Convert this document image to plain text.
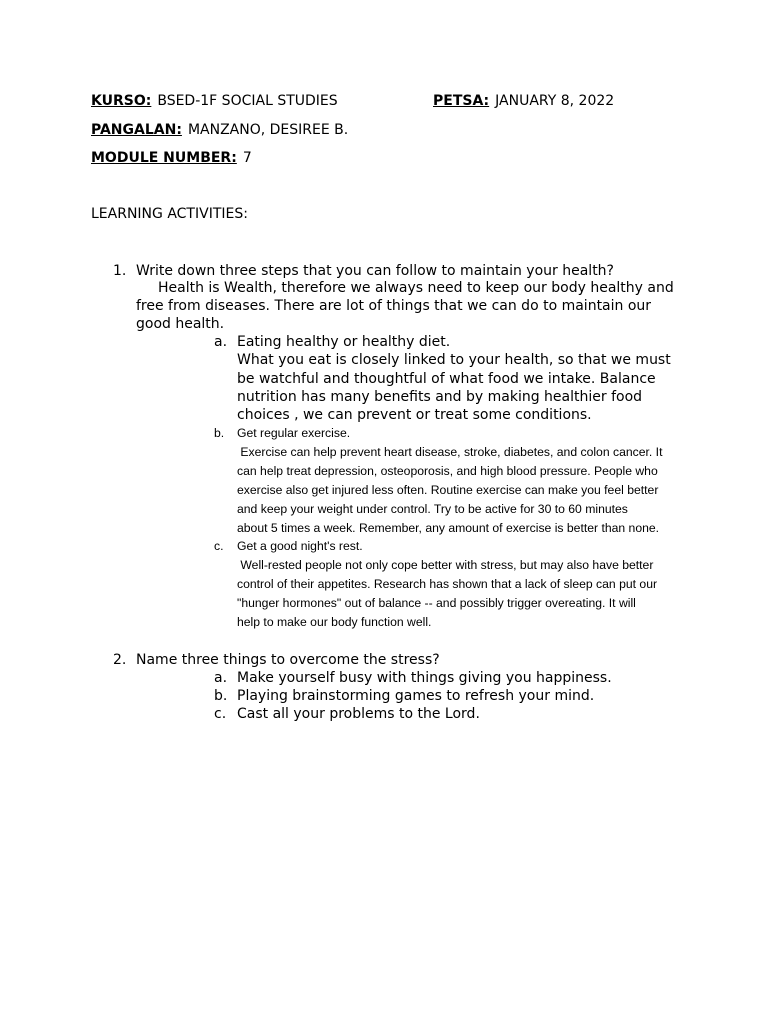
KURSO: BSED-1F SOCIAL STUDIES	PETSA: JANUARY 8, 2022
PANGALAN: MANZANO, DESIREE B.
MODULE NUMBER: 7
LEARNING ACTIVITIES:
1. Write down three steps that you can follow to maintain your health?
Health is Wealth, therefore we always need to keep our body healthy and
free from diseases. There are lot of things that we can do to maintain our
good health.
a. Eating healthy or healthy diet.
What you eat is closely linked to your health, so that we must
be watchful and thoughtful of what food we intake. Balance
nutrition has many benefits and by making healthier food
choices , we can prevent or treat some conditions.
b. Get regular exercise.
Exercise can help prevent heart disease, stroke, diabetes, and colon cancer. It
can help treat depression, osteoporosis, and high blood pressure. People who
exercise also get injured less often. Routine exercise can make you feel better
and keep your weight under control. Try to be active for 30 to 60 minutes
about 5 times a week. Remember, any amount of exercise is better than none.
c. Get a good night's rest.
Well-rested people not only cope better with stress, but may also have better
control of their appetites. Research has shown that a lack of sleep can put our
"hunger hormones" out of balance -- and possibly trigger overeating. It will
help to make our body function well.
2. Name three things to overcome the stress?
a. Make yourself busy with things giving you happiness.
b. Playing brainstorming games to refresh your mind.
c. Cast all your problems to the Lord.
